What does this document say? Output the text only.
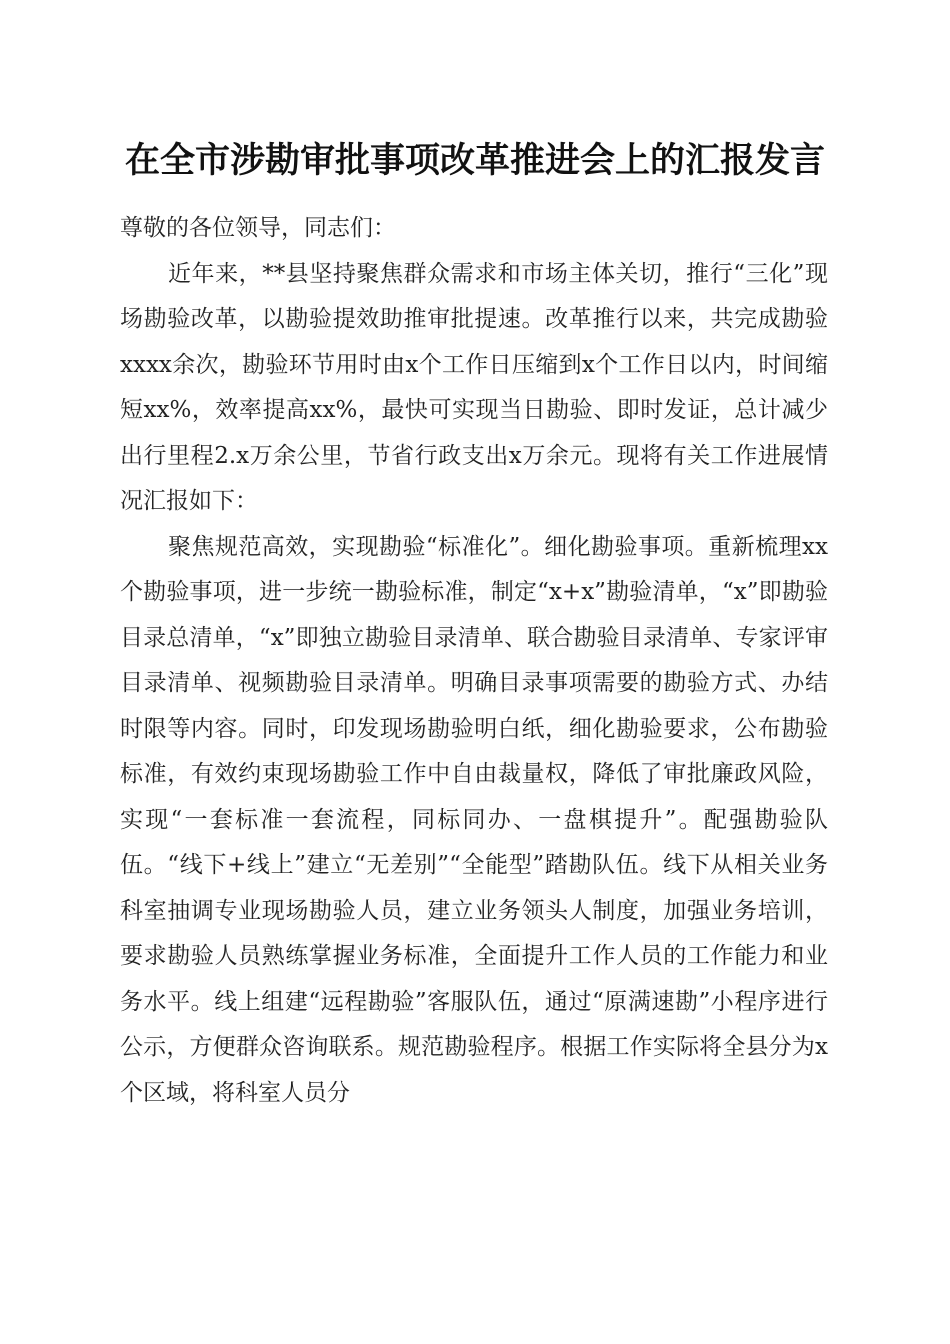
在全市涉勘审批事项改革推进会上的汇报发言

尊敬的各位领导，同志们：

近年来，**县坚持聚焦群众需求和市场主体关切，推行“三化”现场勘验改革，以勘验提效助推审批提速。改革推行以来，共完成勘验xxxx余次，勘验环节用时由x个工作日压缩到x个工作日以内，时间缩短xx%，效率提高xx%，最快可实现当日勘验、即时发证，总计减少出行里程2.x万余公里，节省行政支出x万余元。现将有关工作进展情况汇报如下：

聚焦规范高效，实现勘验“标准化”。细化勘验事项。重新梳理xx个勘验事项，进一步统一勘验标准，制定“x+x”勘验清单，“x”即勘验目录总清单，“x”即独立勘验目录清单、联合勘验目录清单、专家评审目录清单、视频勘验目录清单。明确目录事项需要的勘验方式、办结时限等内容。同时，印发现场勘验明白纸，细化勘验要求，公布勘验标准，有效约束现场勘验工作中自由裁量权，降低了审批廉政风险，实现“一套标准一套流程，同标同办、一盘棋提升”。配强勘验队伍。“线下+线上”建立“无差别”“全能型”踏勘队伍。线下从相关业务科室抽调专业现场勘验人员，建立业务领头人制度，加强业务培训，要求勘验人员熟练掌握业务标准，全面提升工作人员的工作能力和业务水平。线上组建“远程勘验”客服队伍，通过“原满速勘”小程序进行公示，方便群众咨询联系。规范勘验程序。根据工作实际将全县分为x个区域，将科室人员分
